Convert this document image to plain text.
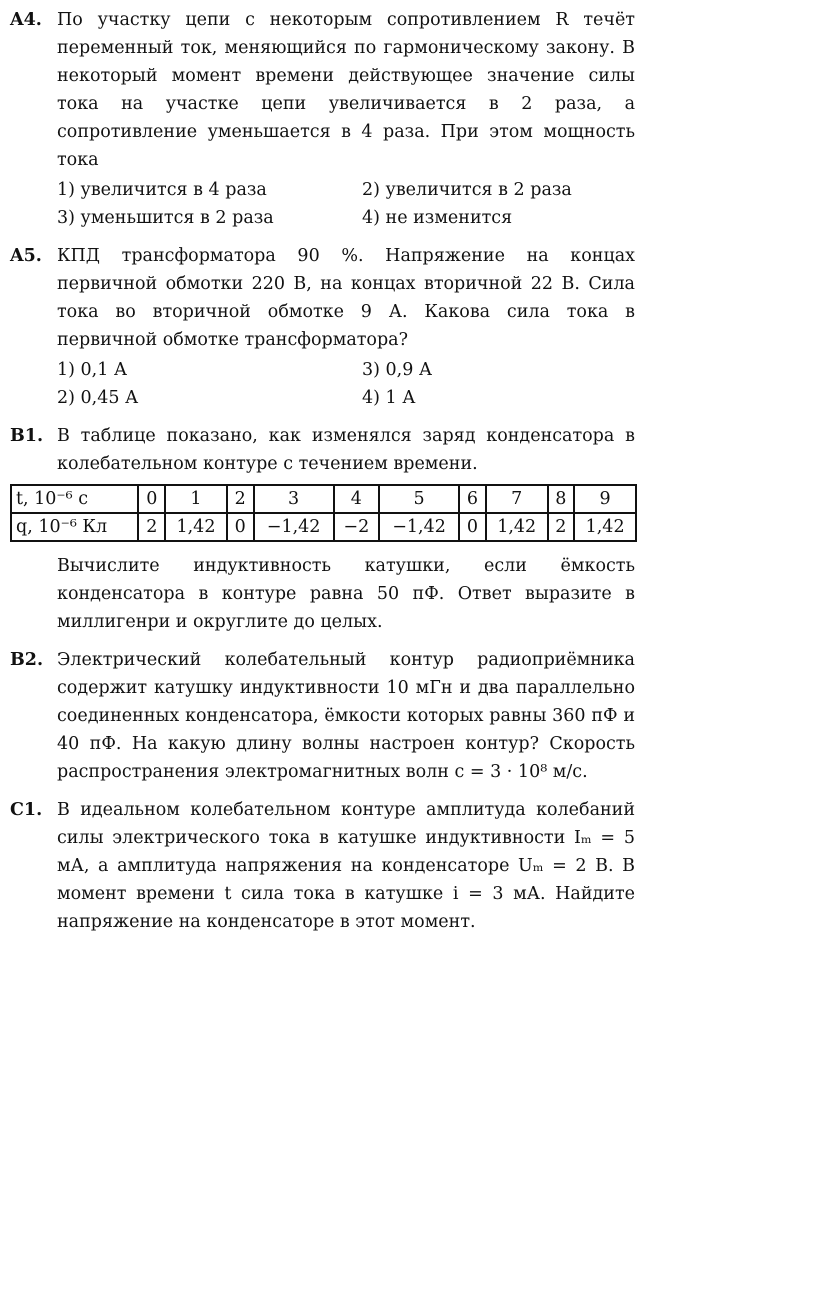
A4. По участку цепи с некоторым сопротивлением R течёт переменный ток, меняющийся по гармоническому закону. В некоторый момент времени действующее значение силы тока на участке цепи увеличивается в 2 раза, а сопротивление уменьшается в 4 раза. При этом мощность тока
1) увеличится в 4 раза	2) увеличится в 2 раза
3) уменьшится в 2 раза	4) не изменится
A5. КПД трансформатора 90 %. Напряжение на концах первичной обмотки 220 В, на концах вторичной 22 В. Сила тока во вторичной обмотке 9 А. Какова сила тока в первичной обмотке трансформатора?
1) 0,1 А	3) 0,9 А
2) 0,45 А	4) 1 А
B1. В таблице показано, как изменялся заряд конденсатора в колебательном контуре с течением времени.
t, 10⁻⁶ с	0	1	2	3	4	5	6	7	8	9
q, 10⁻⁶ Кл	2	1,42	0	−1,42	−2	−1,42	0	1,42	2	1,42
Вычислите индуктивность катушки, если ёмкость конденсатора в контуре равна 50 пФ. Ответ выразите в миллигенри и округлите до целых.
B2. Электрический колебательный контур радиоприёмника содержит катушку индуктивности 10 мГн и два параллельно соединенных конденсатора, ёмкости которых равны 360 пФ и 40 пФ. На какую длину волны настроен контур? Скорость распространения электромагнитных волн c = 3 · 10⁸ м/с.
C1. В идеальном колебательном контуре амплитуда колебаний силы электрического тока в катушке индуктивности Iₘ = 5 мА, а амплитуда напряжения на конденсаторе Uₘ = 2 В. В момент времени t сила тока в катушке i = 3 мА. Найдите напряжение на конденсаторе в этот момент.
